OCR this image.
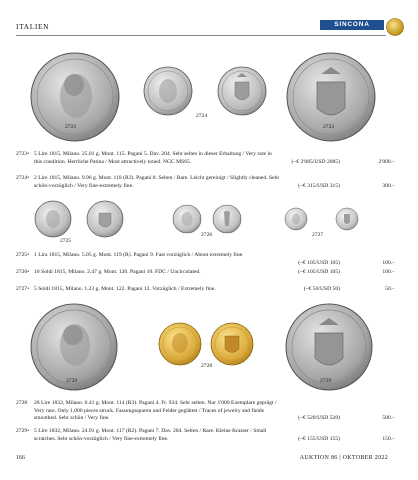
ITALIEN	SINCONA
2723
2724
2723
2723• 5 Lire 1815, Milano. 25.01 g. Mont. 115. Pagani 5. Dav. 204. Sehr selten in dieser Erhaltung / Very rare in
this condition. Herrliche Patina / Most attractively toned. NGC MS65.	(~€ 2'085/USD 2085)	2'000.-
2724• 2 Lire 1815, Milano. 9.96 g. Mont. 118 (R2). Pagani 8. Selten / Rare. Leicht gereinigt / Slightly cleaned. Sehr
schön-vorzüglich / Very fine-extremely fine.	(~€ 315/USD 315)	300.-
2725
2726	2727
2725• 1 Lira 1815, Milano. 5.05 g. Mont. 119 (R). Pagani 9. Fast vorzüglich / About extremely fine.
(~€ 105/USD 105)	100.-
2726• 10 Soldi 1815, Milano. 2.47 g. Mont. 120. Pagani 10. FDC / Uncirculated.	(~€ 105/USD 105)	100.-
2727• 5 Soldi 1815, Milano. 1.23 g. Mont. 122. Pagani 12. Vorzüglich / Extremely fine.	(~€ 50/USD 50)	50.-
2729
2728
2729
2728	20 Lire 1832, Milano. 6.41 g. Mont. 114 (R3). Pagani 4. Fr. 934. Sehr selten. Nur 1'000 Exemplare geprägt /
Very rare. Only 1,000 pieces struck. Fassungsspuren und Felder geglättet / Traces of jewelry and fields
smoothed. Sehr schön / Very fine.	(~€ 520/USD 520)	500.-
2729• 5 Lire 1832, Milano. 24.91 g. Mont. 117 (R2). Pagani 7. Dav. 204. Selten / Rare. Kleine Kratzer / Small
scratches. Sehr schön-vorzüglich / Very fine-extremely fine.	(~€ 155/USD 155)	150.-
166	AUKTION 86 | OKTOBER 2022
